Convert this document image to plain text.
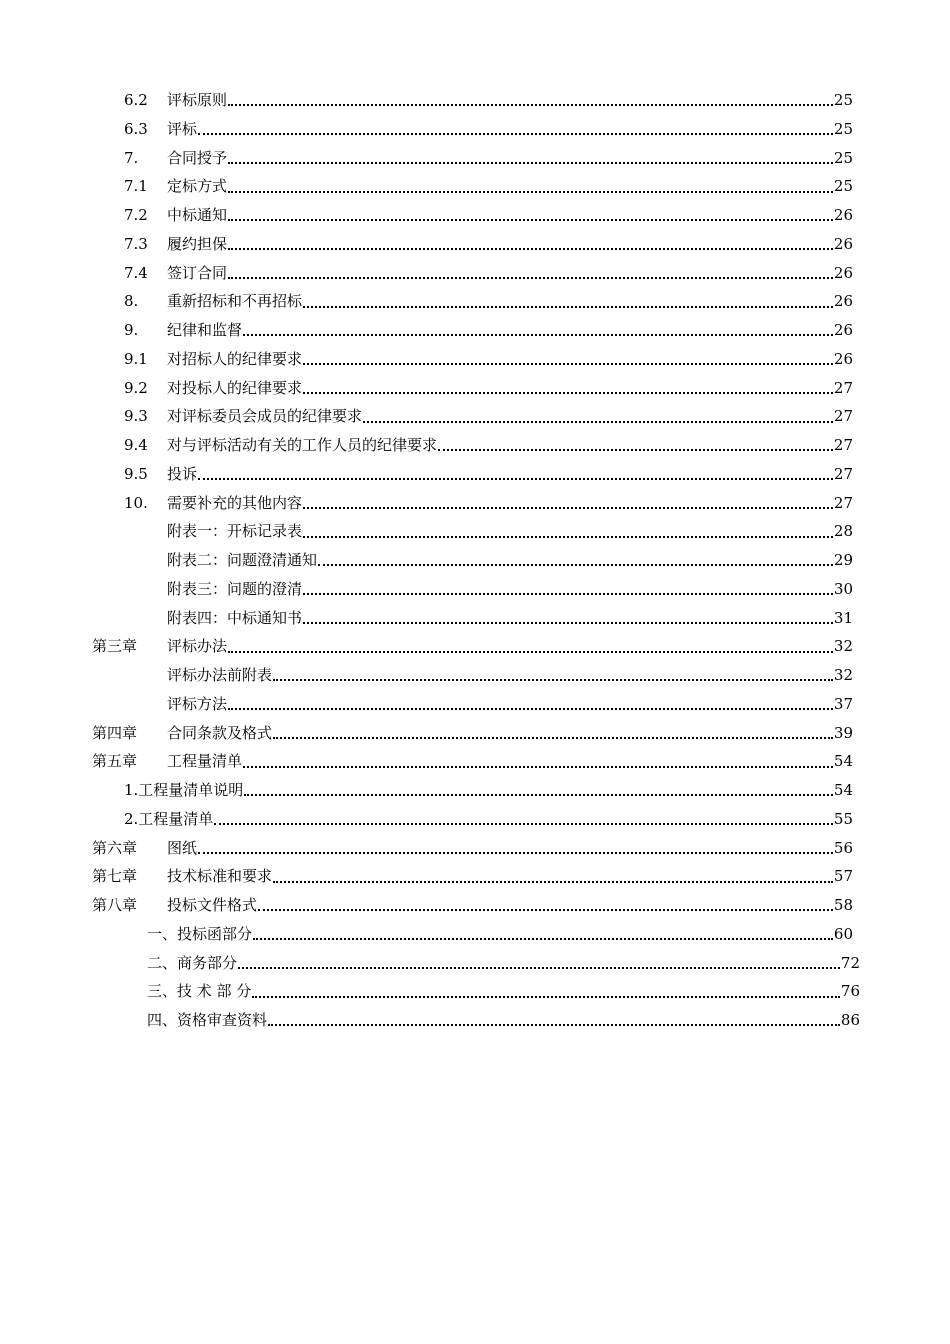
6.2	评标原则	25
6.3	评标	25
7.	合同授予	25
7.1	定标方式	25
7.2	中标通知	26
7.3	履约担保	26
7.4	签订合同	26
8.	重新招标和不再招标	26
9.	纪律和监督	26
9.1	对招标人的纪律要求	26
9.2	对投标人的纪律要求	27
9.3	对评标委员会成员的纪律要求	27
9.4	对与评标活动有关的工作人员的纪律要求	27
9.5	投诉	27
10.	需要补充的其他内容	27
附表一：开标记录表	28
附表二：问题澄清通知	29
附表三：问题的澄清	30
附表四：中标通知书	31
第三章	评标办法	32
评标办法前附表	32
评标方法	37
第四章	合同条款及格式	39
第五章	工程量清单	54
1.工程量清单说明	54
2.工程量清单	55
第六章	图纸	56
第七章	技术标准和要求	57
第八章	投标文件格式	58
一、投标函部分	60
二、商务部分	72
三、技 术 部 分	76
四、资格审查资料	86
